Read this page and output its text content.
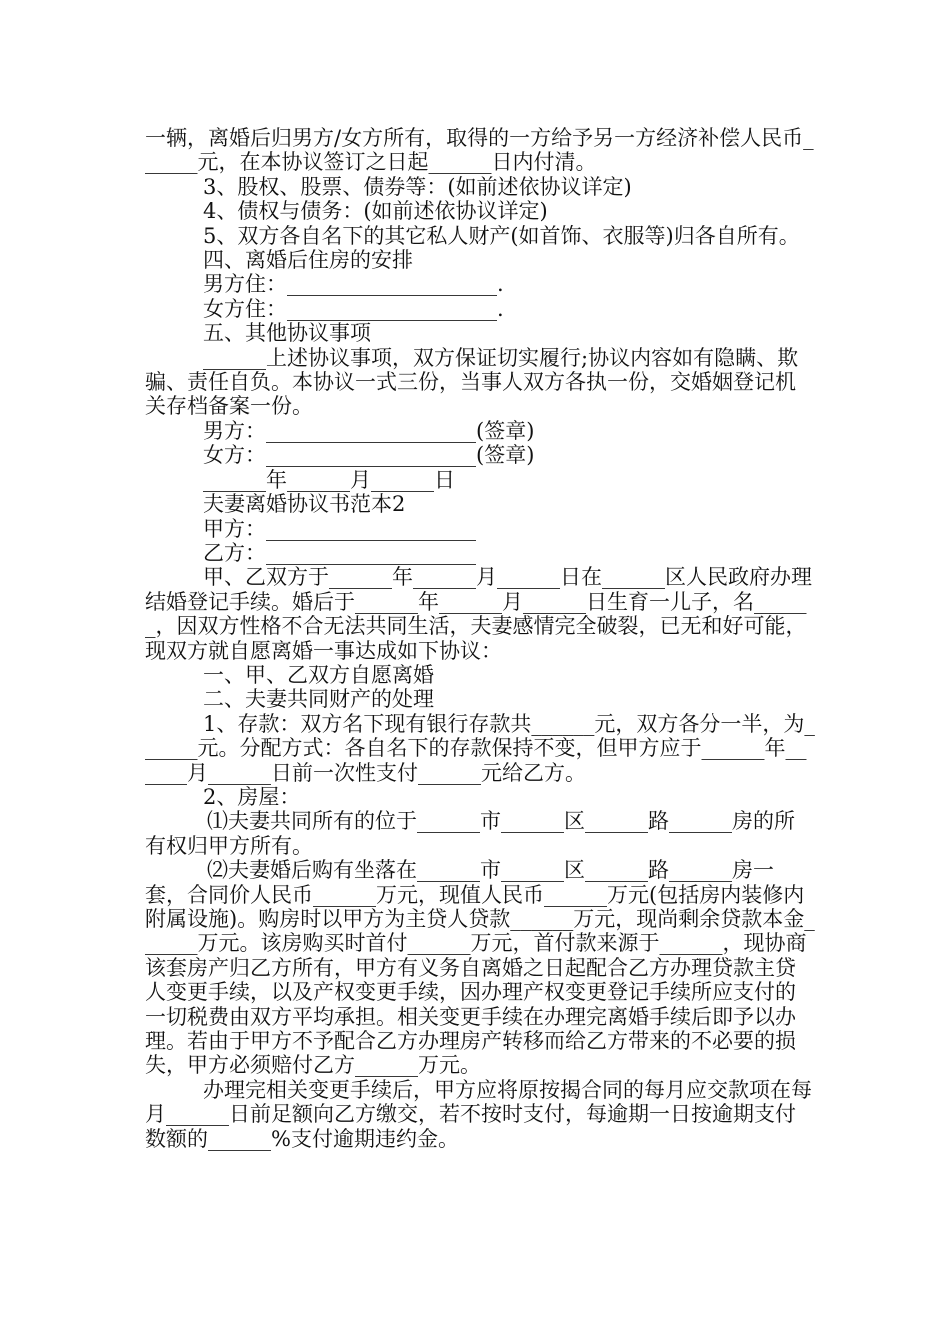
一辆，离婚后归男方/女方所有，取得的一方给予另一方经济补偿人民币______元，在本协议签订之日起______日内付清。

3、股权、股票、债券等：(如前述依协议详定)

4、债权与债务：(如前述依协议详定)

5、双方各自名下的其它私人财产(如首饰、衣服等)归各自所有。

四、离婚后住房的安排

男方住：____________________.

女方住：____________________.

五、其他协议事项

______上述协议事项，双方保证切实履行;协议内容如有隐瞒、欺骗、责任自负。本协议一式三份，当事人双方各执一份，交婚姻登记机关存档备案一份。

男方：____________________(签章)

女方：____________________(签章)

______年______月______日

夫妻离婚协议书范本2

甲方：____________________

乙方：____________________

甲、乙双方于______年______月______日在______区人民政府办理结婚登记手续。婚后于______年______月______日生育一儿子，名______，因双方性格不合无法共同生活，夫妻感情完全破裂，已无和好可能，现双方就自愿离婚一事达成如下协议：

一、甲、乙双方自愿离婚

二、夫妻共同财产的处理

1、存款：双方名下现有银行存款共______元，双方各分一半，为______元。分配方式：各自名下的存款保持不变，但甲方应于______年______月______日前一次性支付______元给乙方。

2、房屋：

⑴夫妻共同所有的位于______市______区______路______房的所有权归甲方所有。

⑵夫妻婚后购有坐落在______市______区______路______房一套，合同价人民币______万元，现值人民币______万元(包括房内装修内附属设施)。购房时以甲方为主贷人贷款______万元，现尚剩余贷款本金______万元。该房购买时首付______万元，首付款来源于______，现协商该套房产归乙方所有，甲方有义务自离婚之日起配合乙方办理贷款主贷人变更手续，以及产权变更手续，因办理产权变更登记手续所应支付的一切税费由双方平均承担。相关变更手续在办理完离婚手续后即予以办理。若由于甲方不予配合乙方办理房产转移而给乙方带来的不必要的损失，甲方必须赔付乙方______万元。

办理完相关变更手续后，甲方应将原按揭合同的每月应交款项在每月______日前足额向乙方缴交，若不按时支付，每逾期一日按逾期支付数额的______%支付逾期违约金。
